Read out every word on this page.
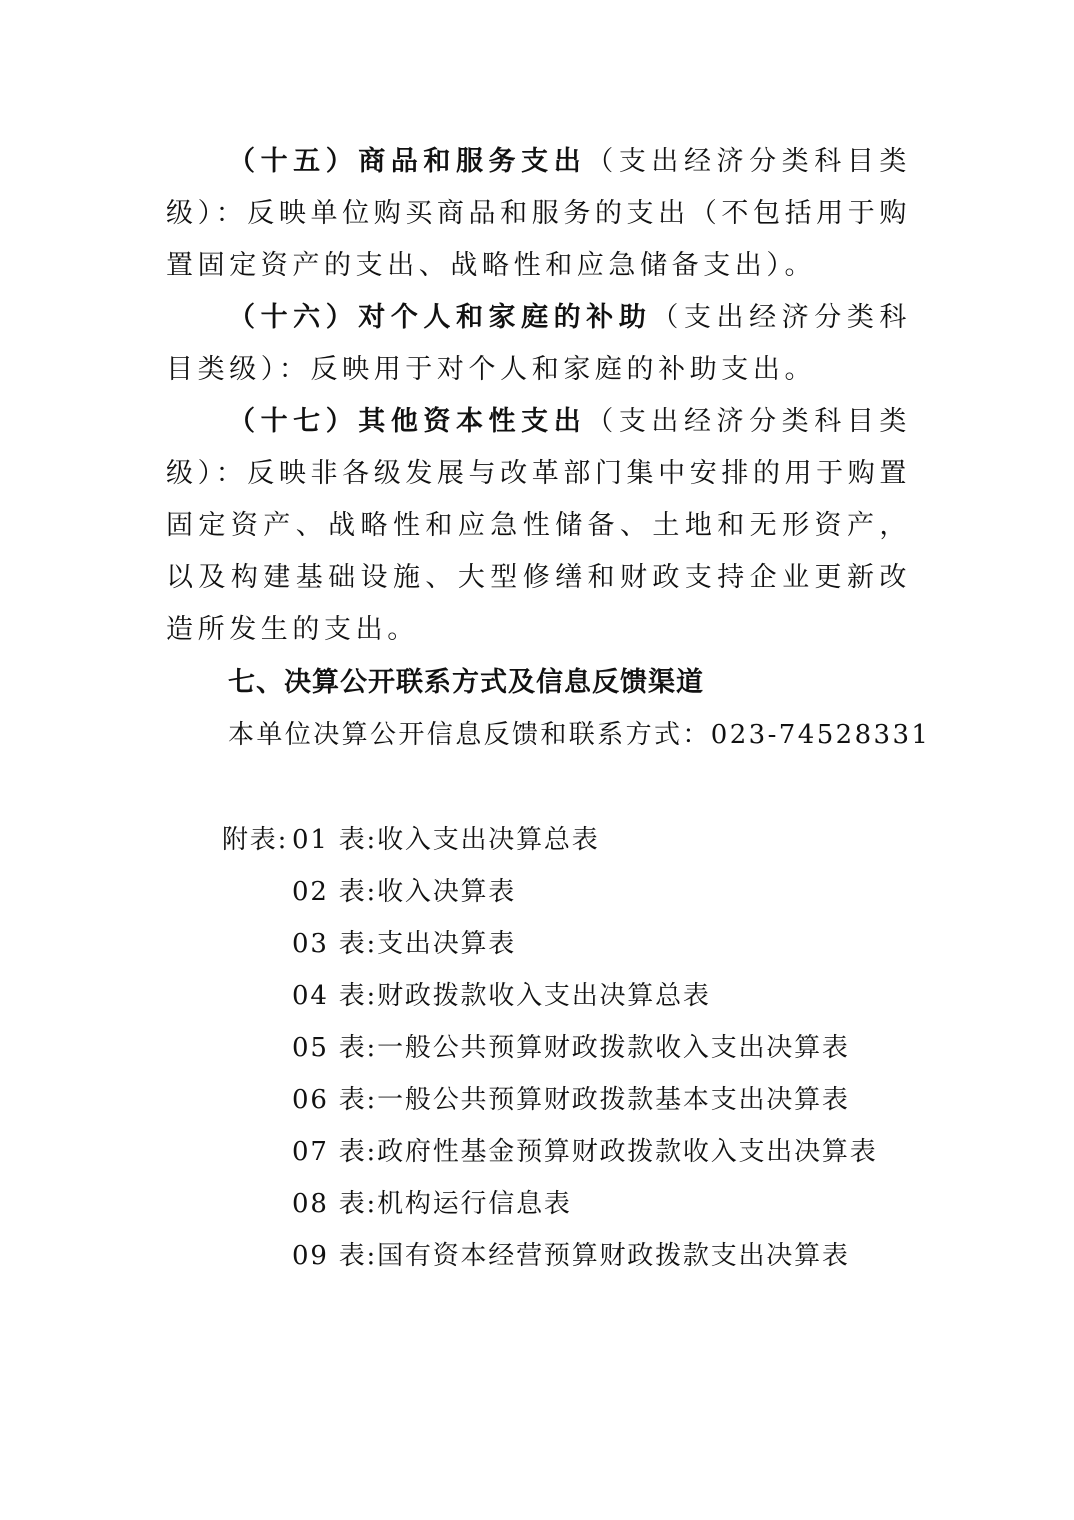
（十五）商品和服务支出（支出经济分类科目类级）：反映单位购买商品和服务的支出（不包括用于购置固定资产的支出、战略性和应急储备支出）。

（十六）对个人和家庭的补助（支出经济分类科目类级）：反映用于对个人和家庭的补助支出。

（十七）其他资本性支出（支出经济分类科目类级）：反映非各级发展与改革部门集中安排的用于购置固定资产、战略性和应急性储备、土地和无形资产，以及构建基础设施、大型修缮和财政支持企业更新改造所发生的支出。

七、决算公开联系方式及信息反馈渠道

本单位决算公开信息反馈和联系方式：023-74528331

附表: 01 表:收入支出决算总表
02 表:收入决算表
03 表:支出决算表
04 表:财政拨款收入支出决算总表
05 表:一般公共预算财政拨款收入支出决算表
06 表:一般公共预算财政拨款基本支出决算表
07 表:政府性基金预算财政拨款收入支出决算表
08 表:机构运行信息表
09 表:国有资本经营预算财政拨款支出决算表
